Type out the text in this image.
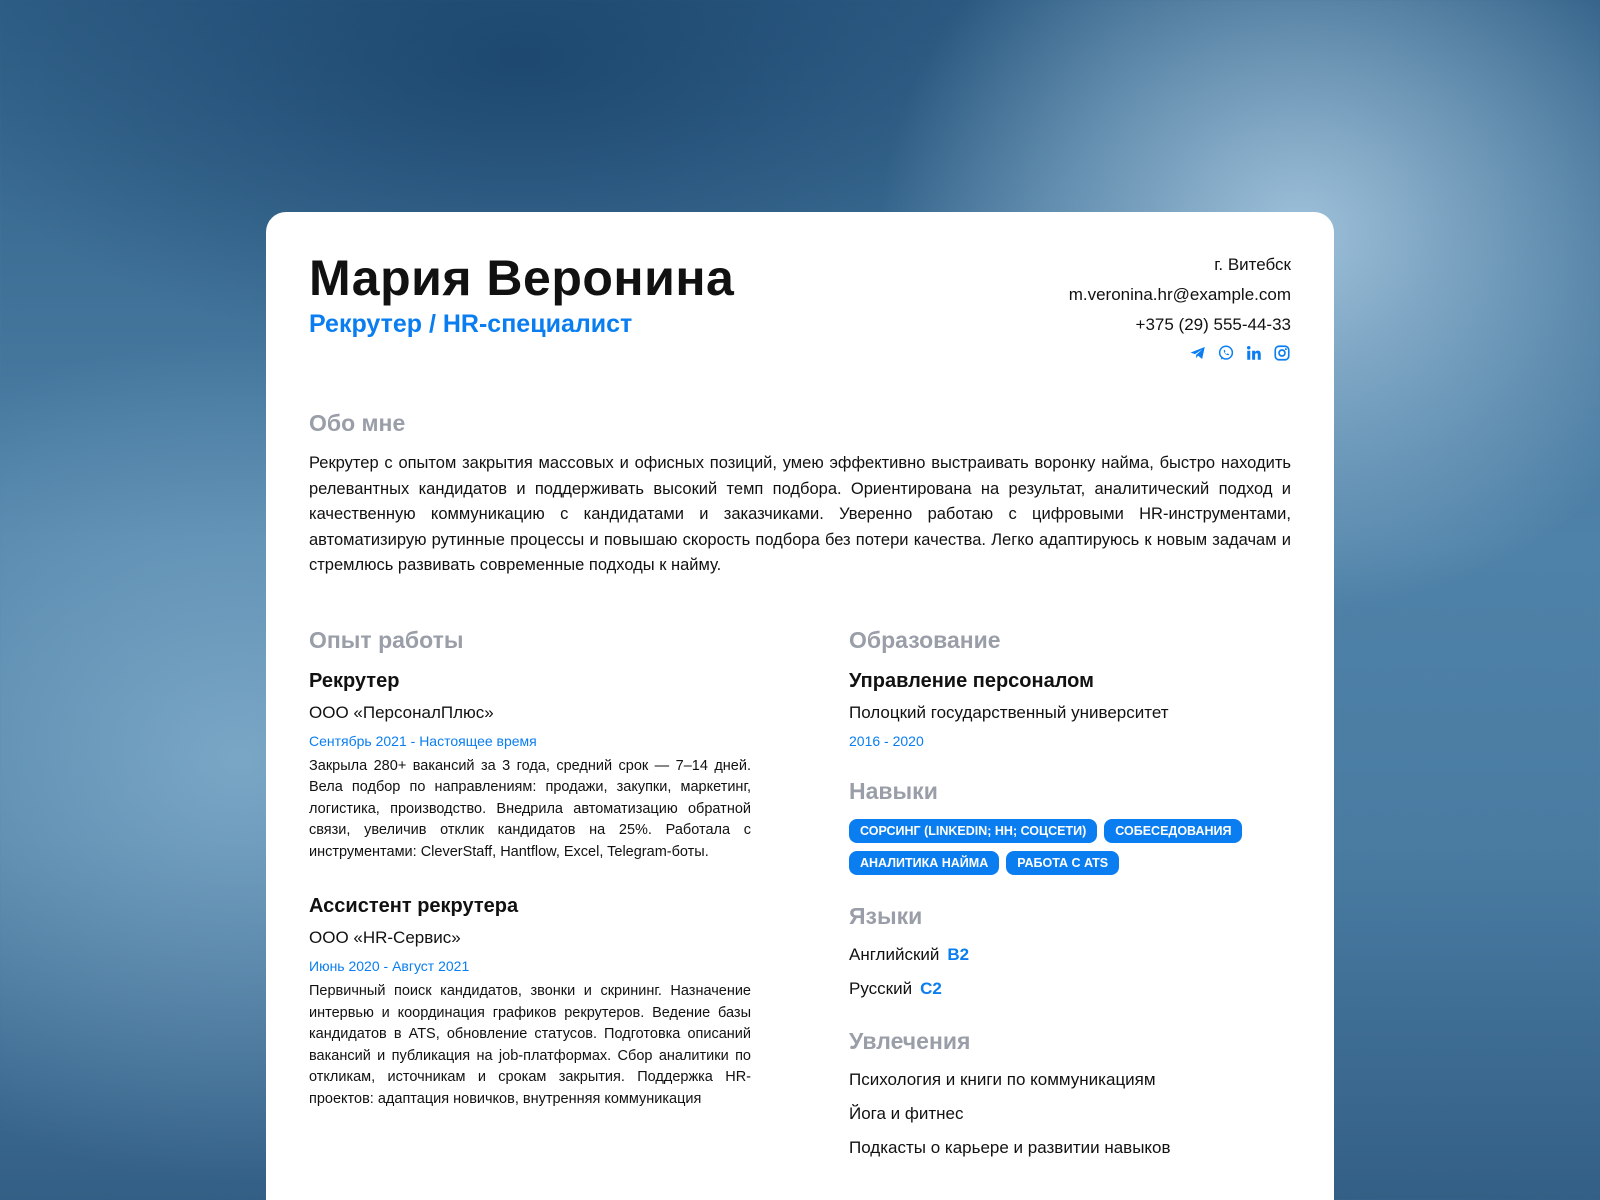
Мария Веронина
Рекрутер / HR-специалист
г. Витебск
m.veronina.hr@example.com
+375 (29) 555-44-33
Обо мне

Рекрутер с опытом закрытия массовых и офисных позиций, умею эффективно выстраивать воронку найма, быстро находить релевантных кандидатов и поддерживать высокий темп подбора. Ориентирована на результат, аналитический подход и качественную коммуникацию с кандидатами и заказчиками. Уверенно работаю с цифровыми HR-инструментами, автоматизирую рутинные процессы и повышаю скорость подбора без потери качества. Легко адаптируюсь к новым задачам и стремлюсь развивать современные подходы к найму.

Опыт работы
Рекрутер
ООО «ПерсоналПлюс»
Сентябрь 2021 - Настоящее время
Закрыла 280+ вакансий за 3 года, средний срок — 7–14 дней. Вела подбор по направлениям: продажи, закупки, маркетинг, логистика, производство. Внедрила автоматизацию обратной связи, увеличив отклик кандидатов на 25%. Работала с инструментами: CleverStaff, Hantflow, Excel, Telegram-боты.
Ассистент рекрутера
ООО «HR-Сервис»
Июнь 2020 - Август 2021
Первичный поиск кандидатов, звонки и скрининг. Назначение интервью и координация графиков рекрутеров. Ведение базы кандидатов в ATS, обновление статусов. Подготовка описаний вакансий и публикация на job-платформах. Сбор аналитики по откликам, источникам и срокам закрытия. Поддержка HR-проектов: адаптация новичков, внутренняя коммуникация
Образование
Управление персоналом
Полоцкий государственный университет
2016 - 2020
Навыки
СОРСИНГ (LINKEDIN; HH; СОЦСЕТИ)	СОБЕСЕДОВАНИЯ
АНАЛИТИКА НАЙМА	РАБОТА С ATS
Языки
Английский B2
Русский C2
Увлечения
Психология и книги по коммуникациям
Йога и фитнес
Подкасты о карьере и развитии навыков
